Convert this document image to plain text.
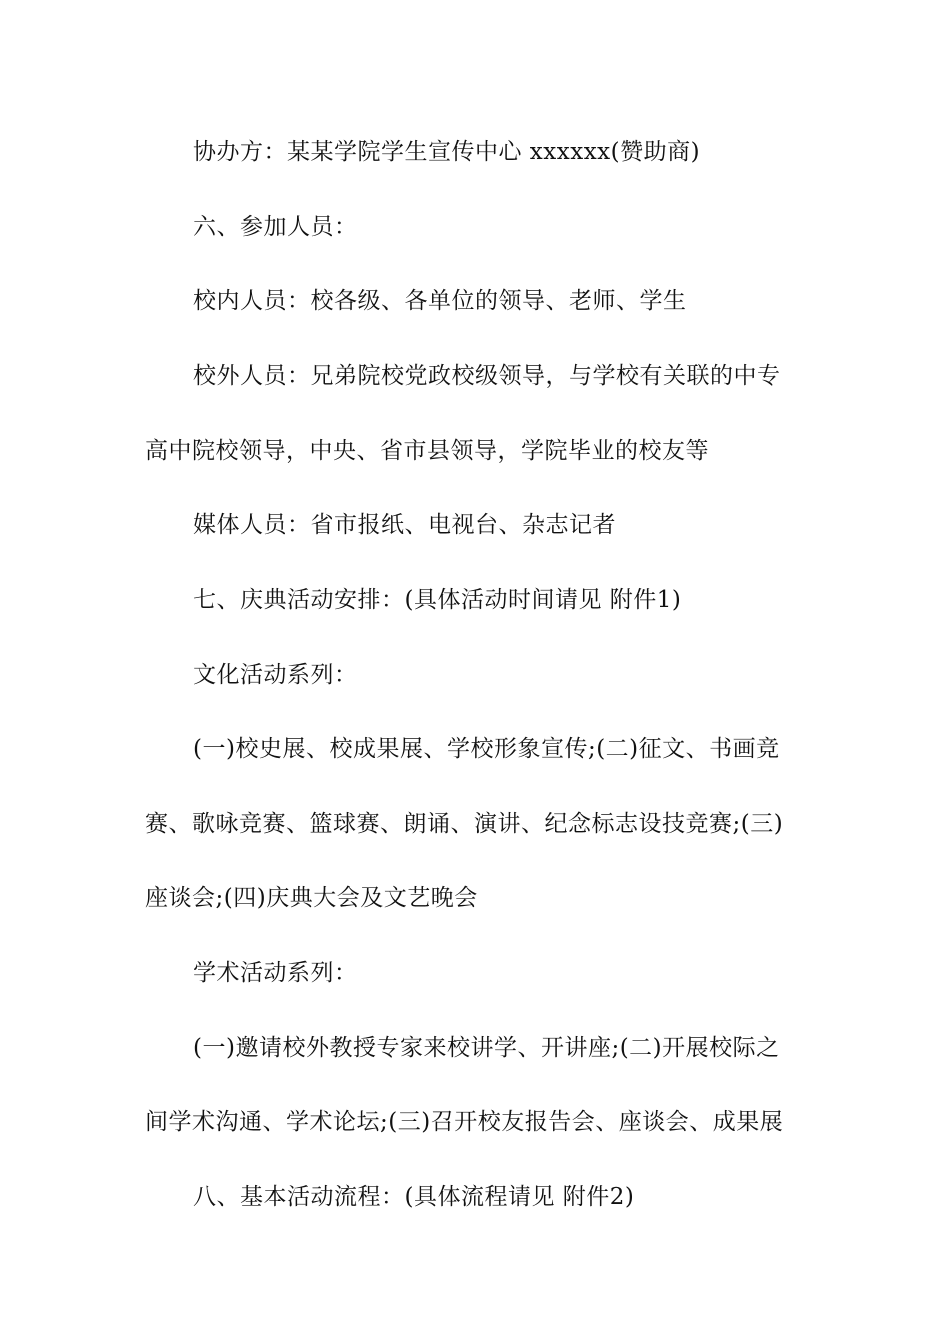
协办方：某某学院学生宣传中心 xxxxxx(赞助商)
六、参加人员：
校内人员：校各级、各单位的领导、老师、学生
校外人员：兄弟院校党政校级领导，与学校有关联的中专
高中院校领导，中央、省市县领导，学院毕业的校友等
媒体人员：省市报纸、电视台、杂志记者
七、庆典活动安排：(具体活动时间请见 附件1)
文化活动系列：
(一)校史展、校成果展、学校形象宣传;(二)征文、书画竞
赛、歌咏竞赛、篮球赛、朗诵、演讲、纪念标志设技竞赛;(三)
座谈会;(四)庆典大会及文艺晚会
学术活动系列：
(一)邀请校外教授专家来校讲学、开讲座;(二)开展校际之
间学术沟通、学术论坛;(三)召开校友报告会、座谈会、成果展
八、基本活动流程：(具体流程请见 附件2)
